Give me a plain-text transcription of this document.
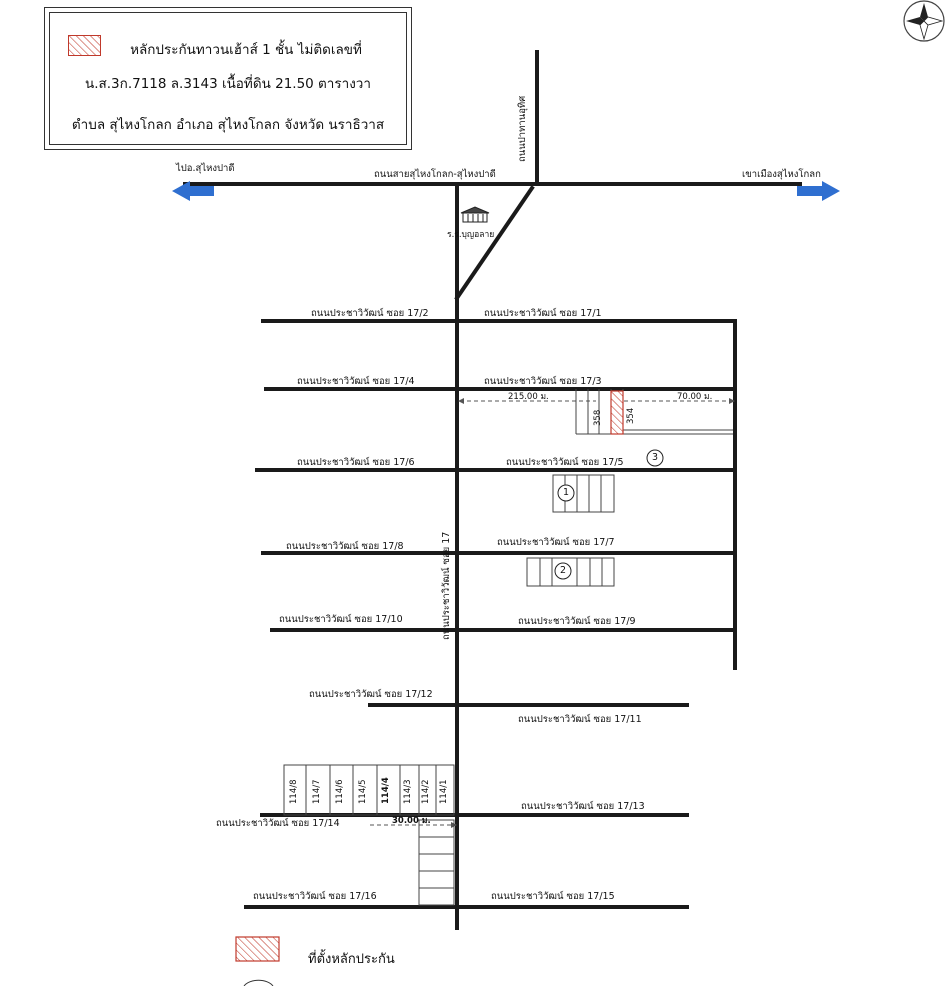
หลักประกันทาวนเฮ้าส์ 1 ชั้น ไม่ติดเลขที่
น.ส.3ก.7118 ล.3143 เนื้อที่ดิน 21.50 ตารางวา
ตำบล สุไหงโกลก อำเภอ สุไหงโกลก จังหวัด นราธิวาส
ถนนสายสุไหงโกลก-สุไหงปาดี
ไปอ.สุไหงปาดี
เขาเมืองสุไหงโกลก
ถนนปาทานอุทิศ
ร.ร.บุญอลาย
ถนนประชาวิวัฒน์ ซอย 17
ถนนประชาวิวัฒน์ ซอย 17/2	ถนนประชาวิวัฒน์ ซอย 17/1
ถนนประชาวิวัฒน์ ซอย 17/4	ถนนประชาวิวัฒน์ ซอย 17/3
ถนนประชาวิวัฒน์ ซอย 17/6	ถนนประชาวิวัฒน์ ซอย 17/5
ถนนประชาวิวัฒน์ ซอย 17/8	ถนนประชาวิวัฒน์ ซอย 17/7
ถนนประชาวิวัฒน์ ซอย 17/10	ถนนประชาวิวัฒน์ ซอย 17/9
ถนนประชาวิวัฒน์ ซอย 17/12
ถนนประชาวิวัฒน์ ซอย 17/11
ถนนประชาวิวัฒน์ ซอย 17/13
ถนนประชาวิวัฒน์ ซอย 17/14
ถนนประชาวิวัฒน์ ซอย 17/16	ถนนประชาวิวัฒน์ ซอย 17/15
215.00 ม.	70.00 ม.
30.00 ม.
358	354
114/8 114/7 114/6 114/5 114/4 114/3 114/2 114/1
1
2
3
ที่ตั้งหลักประกัน
